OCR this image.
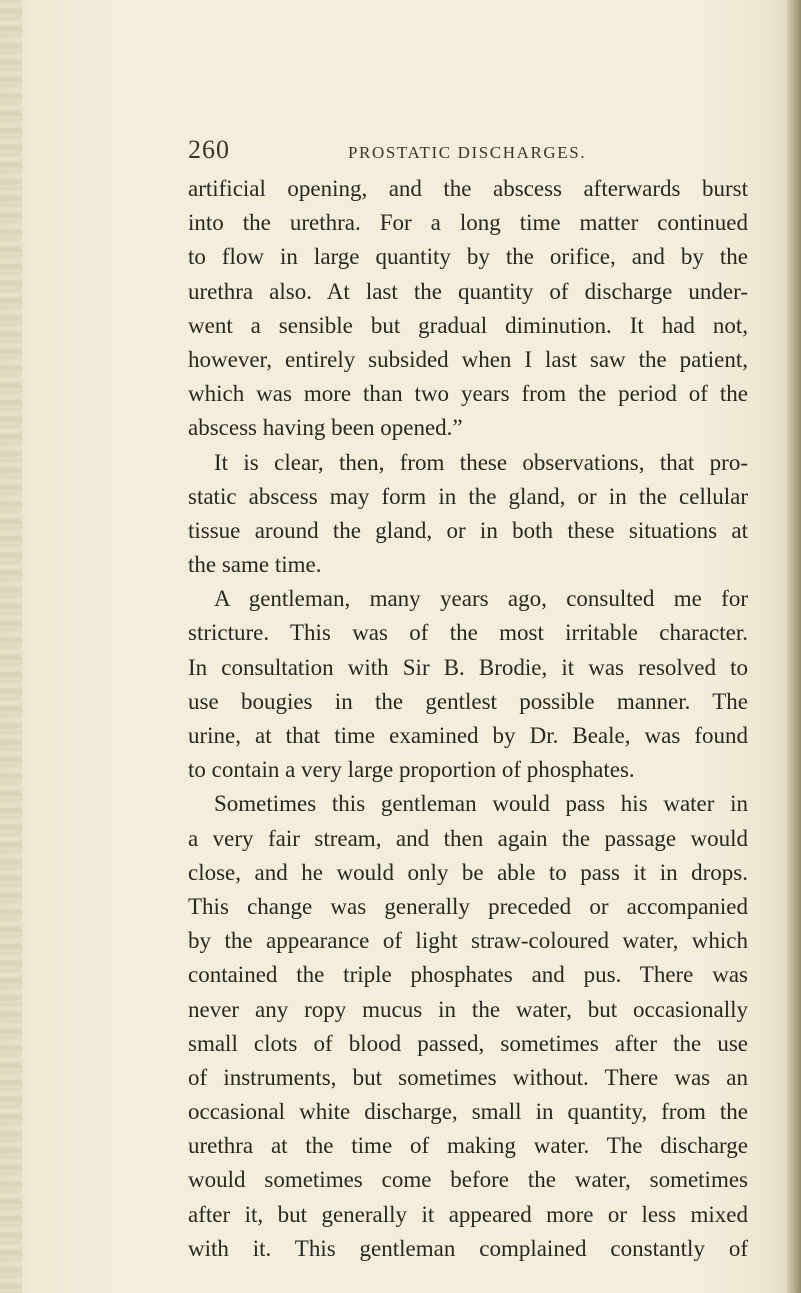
260	PROSTATIC DISCHARGES.
artificial opening, and the abscess afterwards burst
into the urethra. For a long time matter continued
to flow in large quantity by the orifice, and by the
urethra also. At last the quantity of discharge under-
went a sensible but gradual diminution. It had not,
however, entirely subsided when I last saw the patient,
which was more than two years from the period of the
abscess having been opened.”
It is clear, then, from these observations, that pro-
static abscess may form in the gland, or in the cellular
tissue around the gland, or in both these situations at
the same time.
A gentleman, many years ago, consulted me for
stricture. This was of the most irritable character.
In consultation with Sir B. Brodie, it was resolved to
use bougies in the gentlest possible manner. The
urine, at that time examined by Dr. Beale, was found
to contain a very large proportion of phosphates.
Sometimes this gentleman would pass his water in
a very fair stream, and then again the passage would
close, and he would only be able to pass it in drops.
This change was generally preceded or accompanied
by the appearance of light straw-coloured water, which
contained the triple phosphates and pus. There was
never any ropy mucus in the water, but occasionally
small clots of blood passed, sometimes after the use
of instruments, but sometimes without. There was an
occasional white discharge, small in quantity, from the
urethra at the time of making water. The discharge
would sometimes come before the water, sometimes
after it, but generally it appeared more or less mixed
with it. This gentleman complained constantly of
